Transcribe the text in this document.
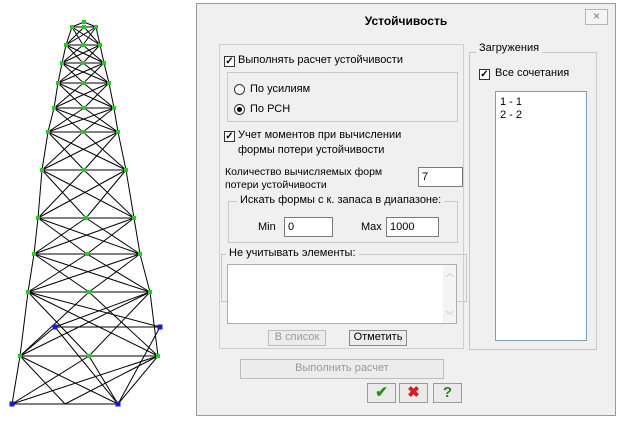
Устойчивость	×
✓ Выполнять расчет устойчивости
По усилиям
По РСН
✓ Учет моментов при вычислении
формы потери устойчивости
Количество вычисляемых форм
потери устойчивости
7
Искать формы с к. запаса в диапазоне:
Min
0	Max
1000
Не учитывать элементы:
︿
﹀
В список	Отметить
Загружения
✓ Все сочетания
1 - 1
2 - 2
Выполнить расчет
✔	✖	?
